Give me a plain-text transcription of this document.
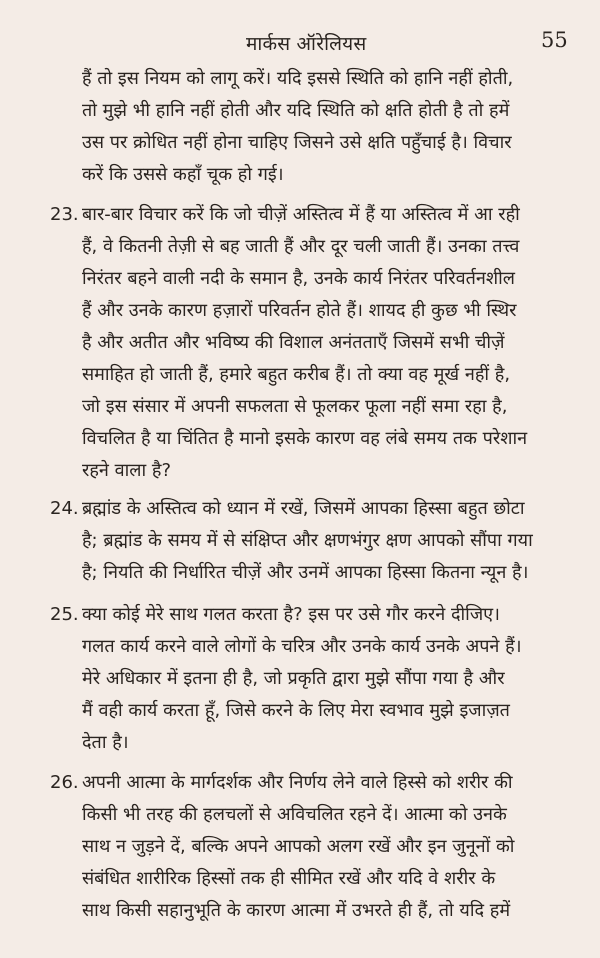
मार्कस ऑरेलियस	55
हैं तो इस नियम को लागू करें। यदि इससे स्थिति को हानि नहीं होती,
तो मुझे भी हानि नहीं होती और यदि स्थिति को क्षति होती है तो हमें
उस पर क्रोधित नहीं होना चाहिए जिसने उसे क्षति पहुँचाई है। विचार
करें कि उससे कहाँ चूक हो गई।
23. बार-बार विचार करें कि जो चीज़ें अस्तित्व में हैं या अस्तित्व में आ रही
हैं, वे कितनी तेज़ी से बह जाती हैं और दूर चली जाती हैं। उनका तत्त्व
निरंतर बहने वाली नदी के समान है, उनके कार्य निरंतर परिवर्तनशील
हैं और उनके कारण हज़ारों परिवर्तन होते हैं। शायद ही कुछ भी स्थिर
है और अतीत और भविष्य की विशाल अनंतताएँ जिसमें सभी चीज़ें
समाहित हो जाती हैं, हमारे बहुत करीब हैं। तो क्या वह मूर्ख नहीं है,
जो इस संसार में अपनी सफलता से फूलकर फूला नहीं समा रहा है,
विचलित है या चिंतित है मानो इसके कारण वह लंबे समय तक परेशान
रहने वाला है?
24. ब्रह्मांड के अस्तित्व को ध्यान में रखें, जिसमें आपका हिस्सा बहुत छोटा
है; ब्रह्मांड के समय में से संक्षिप्त और क्षणभंगुर क्षण आपको सौंपा गया
है; नियति की निर्धारित चीज़ें और उनमें आपका हिस्सा कितना न्यून है।
25. क्या कोई मेरे साथ गलत करता है? इस पर उसे गौर करने दीजिए।
गलत कार्य करने वाले लोगों के चरित्र और उनके कार्य उनके अपने हैं।
मेरे अधिकार में इतना ही है, जो प्रकृति द्वारा मुझे सौंपा गया है और
मैं वही कार्य करता हूँ, जिसे करने के लिए मेरा स्वभाव मुझे इजाज़त
देता है।
26. अपनी आत्मा के मार्गदर्शक और निर्णय लेने वाले हिस्से को शरीर की
किसी भी तरह की हलचलों से अविचलित रहने दें। आत्मा को उनके
साथ न जुड़ने दें, बल्कि अपने आपको अलग रखें और इन जुनूनों को
संबंधित शारीरिक हिस्सों तक ही सीमित रखें और यदि वे शरीर के
साथ किसी सहानुभूति के कारण आत्मा में उभरते ही हैं, तो यदि हमें
